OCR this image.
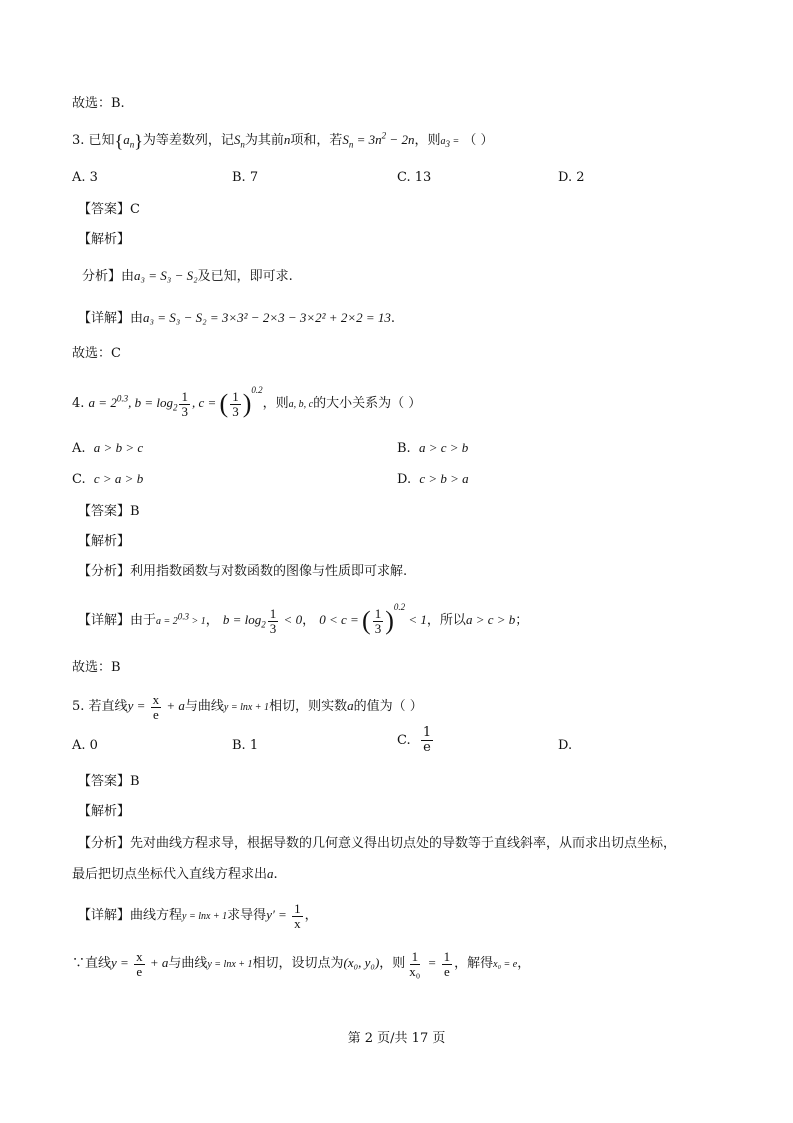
故选：B.
3. 已知$\{a_n\}$为等差数列，记$S_n$为其前n项和，若$S_n = 3n^2 - 2n$，则$a_3$ = （ ）
A. 3	B. 7	C. 13	D. 2
【答案】C
【解析】
分析】由a₃ = S₃ − S₂及已知，即可求.
【详解】由a₃ = S₃ − S₂ = 3×3² − 2×3 − 3×2² + 2×2 = 13.
故选：C
4. $a = 2^{0.3}$, $b = \log_2 \frac{1}{3}$ , c = ( $\frac{1}{3} )^{0.2}$，则a, b, c的大小关系为（ ）
A. a > b > c	B. a > c > b
C. c > a > b	D. c > b > a
【答案】B
【解析】
【分析】利用指数函数与对数函数的图像与性质即可求解.
【详解】由于$a = 2^{0.3} > 1$， $b = \log_2 \frac{1}{3} < 0$， 0 < c = ( $\frac{1}{3} )^{0.2} < 1$，所以a > c > b；
故选：B
5. 若直线$y = \frac{x}{e} + a$与曲线y = lnx + 1相切，则实数a的值为（ ）
A. 0	B. 1	C. $\frac{1}{e}$	D.
【答案】B
【解析】
【分析】先对曲线方程求导，根据导数的几何意义得出切点处的导数等于直线斜率，从而求出切点坐标，
最后把切点坐标代入直线方程求出a.
【详解】曲线方程y = lnx + 1求导得$y' = \frac{1}{x}$ ，
∵直线$y = \frac{x}{e} + a$与曲线y = lnx + 1相切，设切点为(x₀, y₀)，则 $\frac{1}{\text{x₀}} = \frac{1}{e}$ ，解得x₀ = e，
第 2 页/共 17 页
